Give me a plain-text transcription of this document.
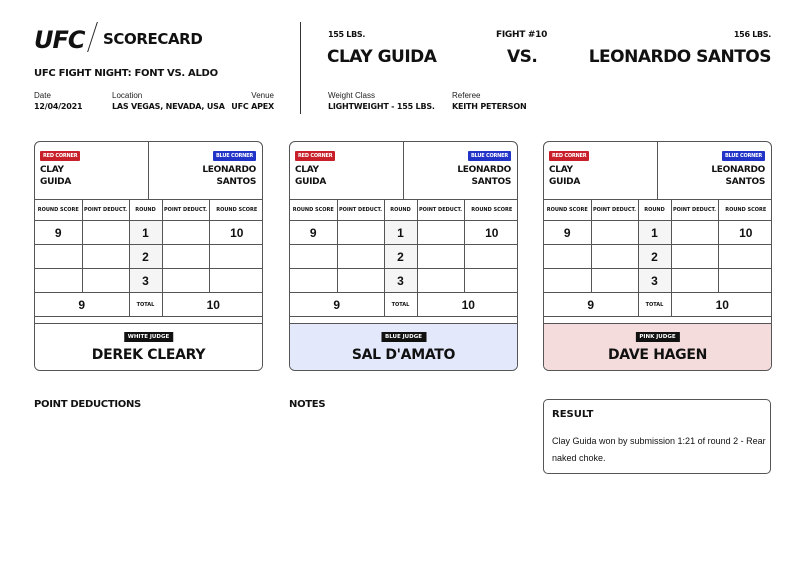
UFC SCORECARD
UFC FIGHT NIGHT: FONT VS. ALDO
Date
12/04/2021
Location
LAS VEGAS, NEVADA, USA
Venue
UFC APEX
155 LBS.	FIGHT #10	156 LBS.
CLAY GUIDA	VS.	LEONARDO SANTOS
Weight Class
LIGHTWEIGHT - 155 LBS.
Referee
KEITH PETERSON
RED CORNER
CLAY
GUIDA
BLUE CORNER
LEONARDO
SANTOS
ROUND SCORE	POINT DEDUCT.	ROUND	POINT DEDUCT.	ROUND SCORE
9		1		10
		2		
		3		
9		TOTAL	10	
WHITE JUDGE
DEREK CLEARY
RED CORNER
CLAY
GUIDA
BLUE CORNER
LEONARDO
SANTOS
ROUND SCORE	POINT DEDUCT.	ROUND	POINT DEDUCT.	ROUND SCORE
9		1		10
		2		
		3		
9		TOTAL	10	
BLUE JUDGE
SAL D'AMATO
RED CORNER
CLAY
GUIDA
BLUE CORNER
LEONARDO
SANTOS
ROUND SCORE	POINT DEDUCT.	ROUND	POINT DEDUCT.	ROUND SCORE
9		1		10
		2		
		3		
9		TOTAL	10	
PINK JUDGE
DAVE HAGEN
POINT DEDUCTIONS	NOTES
RESULT
Clay Guida won by submission 1:21 of round 2 - Rear naked choke.
